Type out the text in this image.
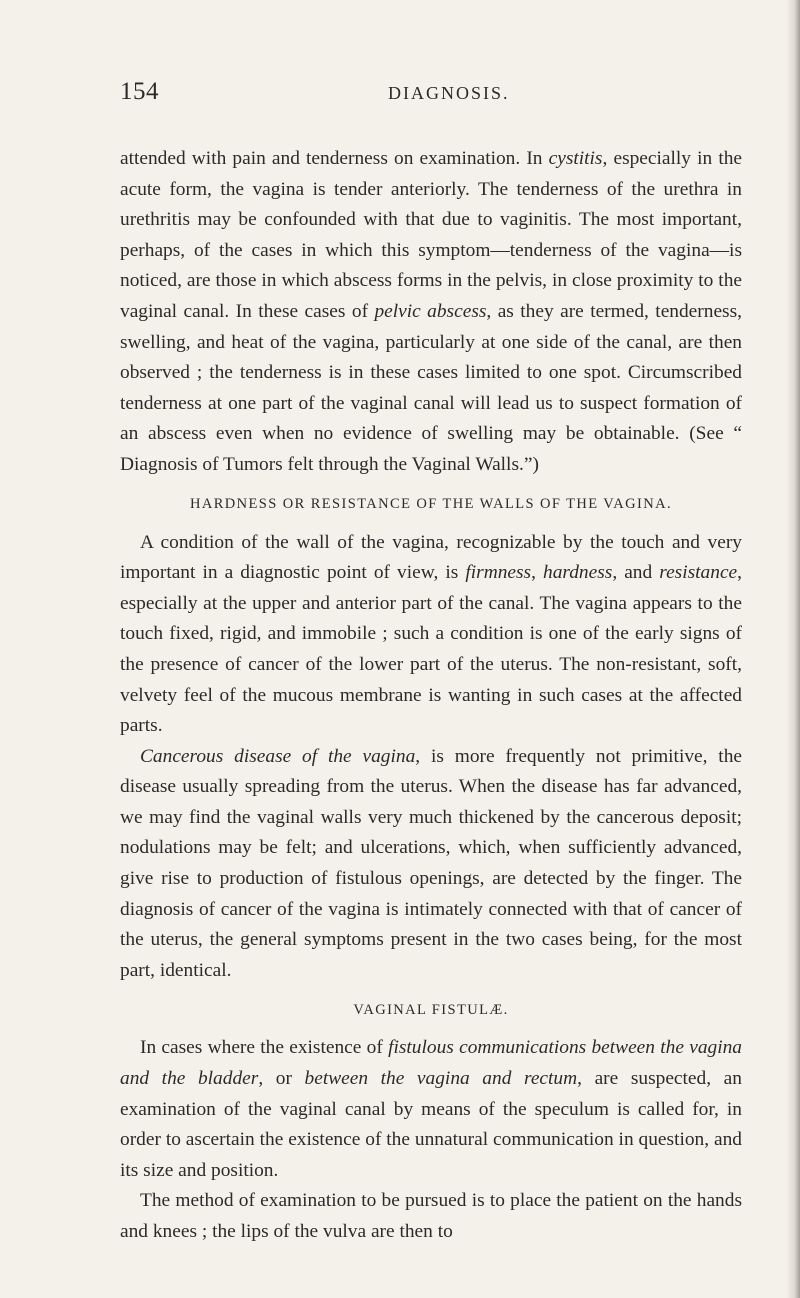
154	DIAGNOSIS.

attended with pain and tenderness on examination. In cystitis, especially in the acute form, the vagina is tender anteriorly. The tenderness of the urethra in urethritis may be confounded with that due to vaginitis. The most important, perhaps, of the cases in which this symptom—tenderness of the vagina—is noticed, are those in which abscess forms in the pelvis, in close proximity to the vaginal canal. In these cases of pelvic abscess, as they are termed, tenderness, swelling, and heat of the vagina, particularly at one side of the canal, are then observed ; the tenderness is in these cases limited to one spot. Circumscribed tenderness at one part of the vaginal canal will lead us to suspect formation of an abscess even when no evidence of swelling may be obtainable. (See “ Diagnosis of Tumors felt through the Vaginal Walls.”)

HARDNESS OR RESISTANCE OF THE WALLS OF THE VAGINA.

A condition of the wall of the vagina, recognizable by the touch and very important in a diagnostic point of view, is firmness, hardness, and resistance, especially at the upper and anterior part of the canal. The vagina appears to the touch fixed, rigid, and immobile ; such a condition is one of the early signs of the presence of cancer of the lower part of the uterus. The non-resistant, soft, velvety feel of the mucous membrane is wanting in such cases at the affected parts.

Cancerous disease of the vagina, is more frequently not primitive, the disease usually spreading from the uterus. When the disease has far advanced, we may find the vaginal walls very much thickened by the cancerous deposit; nodulations may be felt; and ulcerations, which, when sufficiently advanced, give rise to production of fistulous openings, are detected by the finger. The diagnosis of cancer of the vagina is intimately connected with that of cancer of the uterus, the general symptoms present in the two cases being, for the most part, identical.

VAGINAL FISTULÆ.

In cases where the existence of fistulous communications between the vagina and the bladder, or between the vagina and rectum, are suspected, an examination of the vaginal canal by means of the speculum is called for, in order to ascertain the existence of the unnatural communication in question, and its size and position.

The method of examination to be pursued is to place the patient on the hands and knees ; the lips of the vulva are then to
